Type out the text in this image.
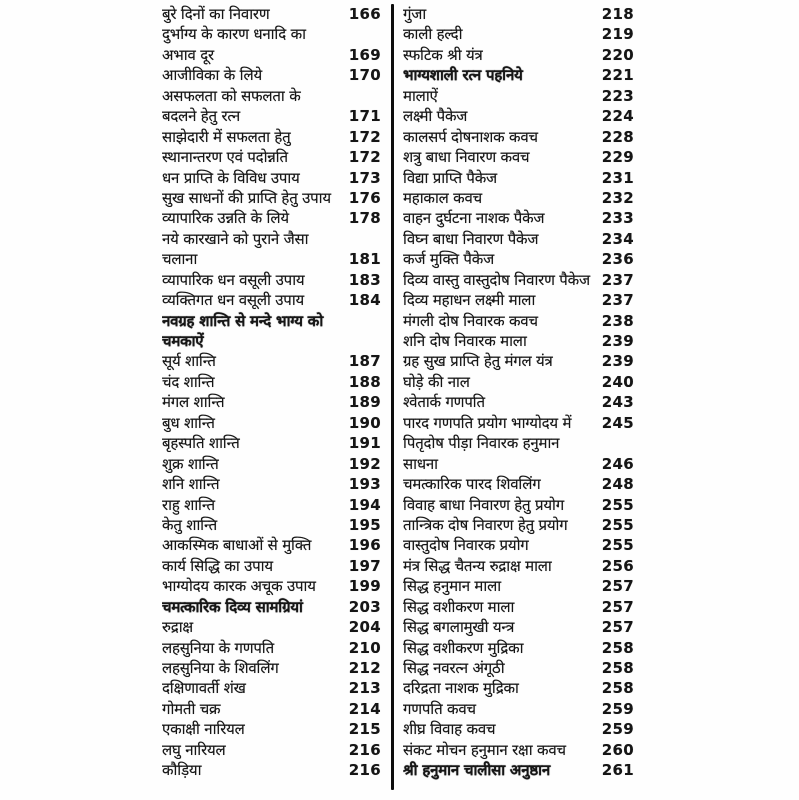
बुरे दिनों का निवारण	166
दुर्भाग्य के कारण धनादि का
अभाव दूर	169
आजीविका के लिये	170
असफलता को सफलता के
बदलने हेतु रत्न	171
साझेदारी में सफलता हेतु	172
स्थानान्तरण एवं पदोन्नति	172
धन प्राप्ति के विविध उपाय	173
सुख साधनों की प्राप्ति हेतु उपाय	176
व्यापारिक उन्नति के लिये	178
नये कारखाने को पुराने जैसा
चलाना	181
व्यापारिक धन वसूली उपाय	183
व्यक्तिगत धन वसूली उपाय	184
नवग्रह शान्ति से मन्दे भाग्य को
चमकाऐं
सूर्य शान्ति	187
चंद शान्ति	188
मंगल शान्ति	189
बुध शान्ति	190
बृहस्पति शान्ति	191
शुक्र शान्ति	192
शनि शान्ति	193
राहु शान्ति	194
केतु शान्ति	195
आकस्मिक बाधाओं से मुक्ति	196
कार्य सिद्धि का उपाय	197
भाग्योदय कारक अचूक उपाय	199
चमत्कारिक दिव्य सामग्रियां	203
रुद्राक्ष	204
लहसुनिया के गणपति	210
लहसुनिया के शिवलिंग	212
दक्षिणावर्ती शंख	213
गोमती चक्र	214
एकाक्षी नारियल	215
लघु नारियल	216
कौड़िया	216
गुंजा	218
काली हल्दी	219
स्फटिक श्री यंत्र	220
भाग्यशाली रत्न पहनिये	221
मालाऐं	223
लक्ष्मी पैकेज	224
कालसर्प दोषनाशक कवच	228
शत्रु बाधा निवारण कवच	229
विद्या प्राप्ति पैकेज	231
महाकाल कवच	232
वाहन दुर्घटना नाशक पैकेज	233
विघ्न बाधा निवारण पैकेज	234
कर्ज मुक्ति पैकेज	236
दिव्य वास्तु वास्तुदोष निवारण पैकेज 237
दिव्य महाधन लक्ष्मी माला	237
मंगली दोष निवारक कवच	238
शनि दोष निवारक माला	239
ग्रह सुख प्राप्ति हेतु मंगल यंत्र	239
घोड़े की नाल	240
श्वेतार्क गणपति	243
पारद गणपति प्रयोग भाग्योदय में	245
पितृदोष पीड़ा निवारक हनुमान
साधना	246
चमत्कारिक पारद शिवलिंग	248
विवाह बाधा निवारण हेतु प्रयोग	255
तान्त्रिक दोष निवारण हेतु प्रयोग	255
वास्तुदोष निवारक प्रयोग	255
मंत्र सिद्ध चैतन्य रुद्राक्ष माला	256
सिद्ध हनुमान माला	257
सिद्ध वशीकरण माला	257
सिद्ध बगलामुखी यन्त्र	257
सिद्ध वशीकरण मुद्रिका	258
सिद्ध नवरत्न अंगूठी	258
दरिद्रता नाशक मुद्रिका	258
गणपति कवच	259
शीघ्र विवाह कवच	259
संकट मोचन हनुमान रक्षा कवच	260
श्री हनुमान चालीसा अनुष्ठान	261
